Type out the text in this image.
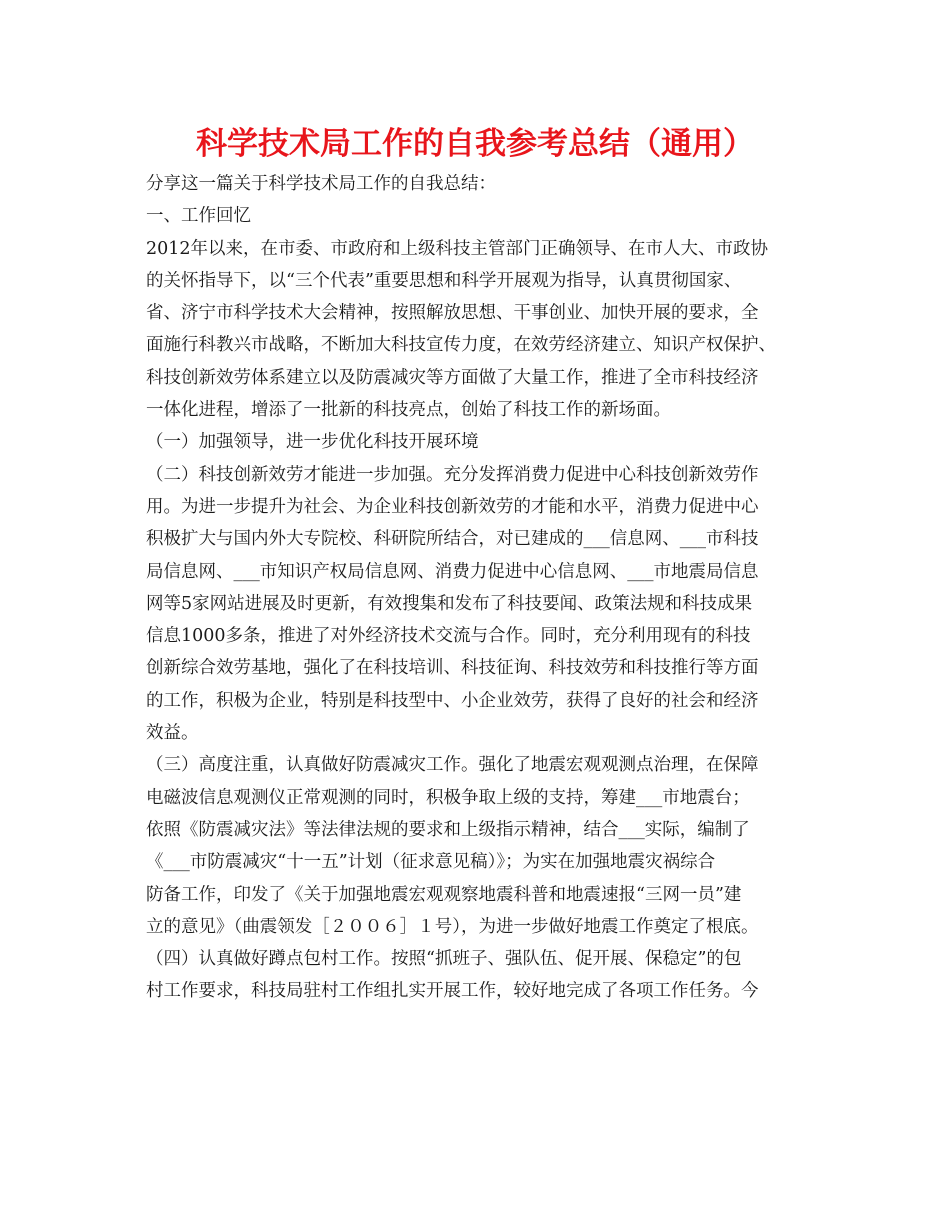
科学技术局工作的自我参考总结（通用）
分享这一篇关于科学技术局工作的自我总结：
一、工作回忆
2012年以来，在市委、市政府和上级科技主管部门正确领导、在市人大、市政协
的关怀指导下，以“三个代表”重要思想和科学开展观为指导，认真贯彻国家、
省、济宁市科学技术大会精神，按照解放思想、干事创业、加快开展的要求，全
面施行科教兴市战略，不断加大科技宣传力度，在效劳经济建立、知识产权保护、
科技创新效劳体系建立以及防震减灾等方面做了大量工作，推进了全市科技经济
一体化进程，增添了一批新的科技亮点，创始了科技工作的新场面。
（一）加强领导，进一步优化科技开展环境
（二）科技创新效劳才能进一步加强。充分发挥消费力促进中心科技创新效劳作
用。为进一步提升为社会、为企业科技创新效劳的才能和水平，消费力促进中心
积极扩大与国内外大专院校、科研院所结合，对已建成的___信息网、___市科技
局信息网、___市知识产权局信息网、消费力促进中心信息网、___市地震局信息
网等5家网站进展及时更新，有效搜集和发布了科技要闻、政策法规和科技成果
信息1000多条，推进了对外经济技术交流与合作。同时，充分利用现有的科技
创新综合效劳基地，强化了在科技培训、科技征询、科技效劳和科技推行等方面
的工作，积极为企业，特别是科技型中、小企业效劳，获得了良好的社会和经济
效益。
（三）高度注重，认真做好防震减灾工作。强化了地震宏观观测点治理，在保障
电磁波信息观测仪正常观测的同时，积极争取上级的支持，筹建___市地震台；
依照《防震减灾法》等法律法规的要求和上级指示精神，结合___实际，编制了
《___市防震减灾“十一五”计划（征求意见稿）》；为实在加强地震灾祸综合
防备工作，印发了《关于加强地震宏观观察地震科普和地震速报“三网一员”建
立的意见》（曲震领发［２００６］１号），为进一步做好地震工作奠定了根底。
（四）认真做好蹲点包村工作。按照“抓班子、强队伍、促开展、保稳定”的包
村工作要求，科技局驻村工作组扎实开展工作，较好地完成了各项工作任务。今
